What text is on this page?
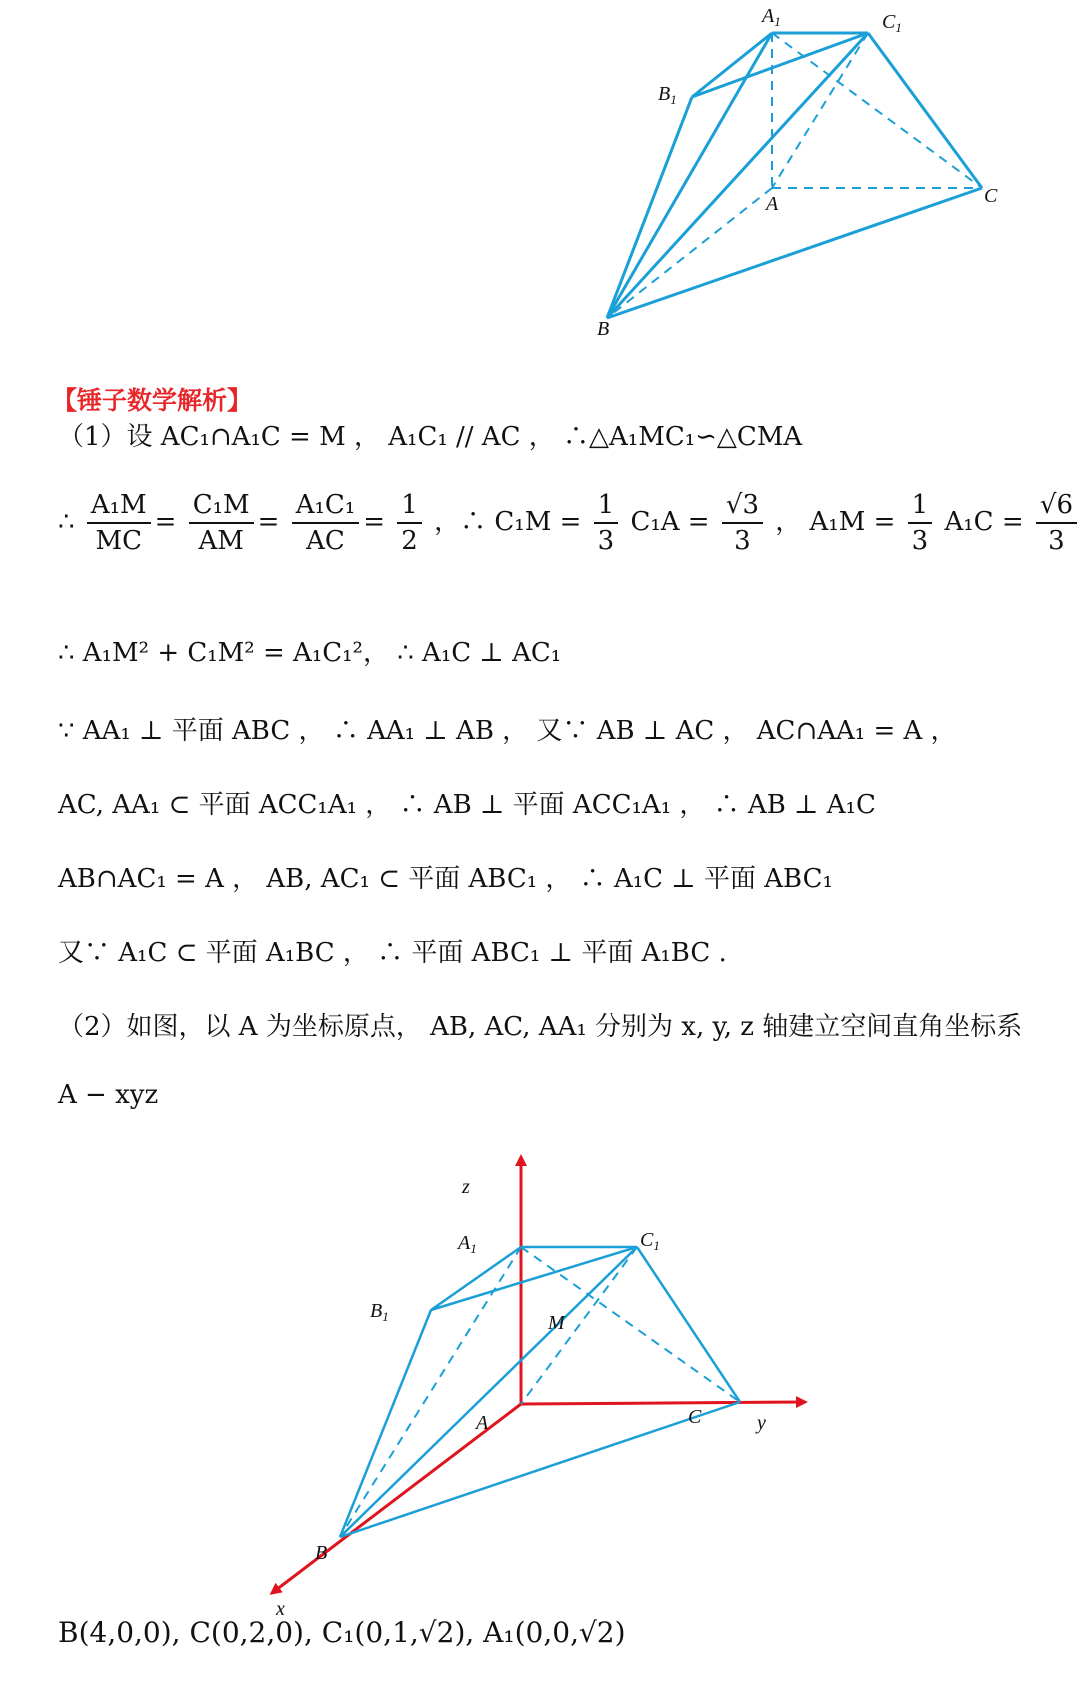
$A_1$	$C_1$
$B_1$
A	C
B
【锤子数学解析】
（1）设 AC₁∩A₁C = M ， A₁C₁ // AC ， ∴△A₁MC₁∽△CMA
∴ $\frac{\text{A₁M}}{MC} = \frac{\text{C₁M}}{AM} = \frac{\text{A₁C₁}}{AC} = \frac{1}{2}$ ，∴ $C_1M = \frac{1}{3} C_1A = \frac{√3}{3}$ ， $A_1M = \frac{1}{3} A_1C = \frac{√6}{3}$
∴ A₁M² + C₁M² = A₁C₁²， ∴ A₁C ⊥ AC₁
∵ AA₁ ⊥ 平面 ABC ， ∴ AA₁ ⊥ AB ， 又∵ AB ⊥ AC ， AC∩AA₁ = A ，
AC, AA₁ ⊂ 平面 ACC₁A₁ ， ∴ AB ⊥ 平面 ACC₁A₁ ， ∴ AB ⊥ A₁C
AB∩AC₁ = A ， AB, AC₁ ⊂ 平面 ABC₁ ， ∴ A₁C ⊥ 平面 ABC₁
又∵ A₁C ⊂ 平面 A₁BC ， ∴ 平面 ABC₁ ⊥ 平面 A₁BC .
（2）如图，以 A 为坐标原点， AB, AC, AA₁ 分别为 x, y, z 轴建立空间直角坐标系
A − xyz
z
y
x
M
$A_1$	$C_1$
$B_1$
A	C
B
B(4,0,0), C(0,2,0), C₁(0,1,√2), A₁(0,0,√2)
